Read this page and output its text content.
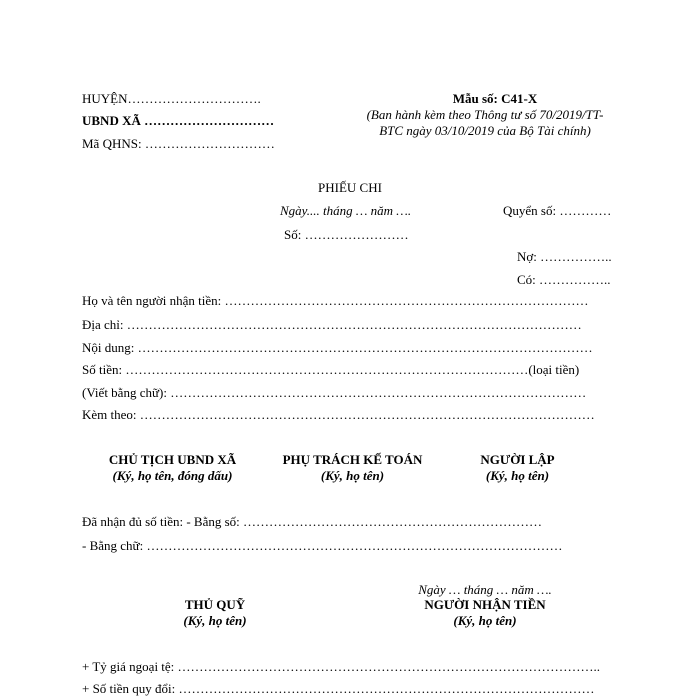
HUYỆN………………………….
UBND XÃ …………………………
Mã QHNS: …………………………
Mẫu số: C41-X
(Ban hành kèm theo Thông tư số 70/2019/TT-
BTC ngày 03/10/2019 của Bộ Tài chính)
PHIẾU CHI
Ngày.... tháng … năm ….	Quyển số: …………
Số: ……………………
Nợ: ……………..
Có: ……………..
Họ và tên người nhận tiền: …………………………………………………………………………
Địa chỉ: ……………………………………………………………………………………………
Nội dung: ……………………………………………………………………………………………
Số tiền: …………………………………………………………………………………(loại tiền)
(Viết bằng chữ): ……………………………………………………………………………………
Kèm theo: ……………………………………………………………………………………………
CHỦ TỊCH UBND XÃ
(Ký, họ tên, đóng dấu)
PHỤ TRÁCH KẾ TOÁN
(Ký, họ tên)
NGƯỜI LẬP
(Ký, họ tên)
Đã nhận đủ số tiền: - Bằng số: ……………………………………………………………
- Bằng chữ: ……………………………………………………………………………………
Ngày … tháng … năm ….
THỦ QUỸ
(Ký, họ tên)
NGƯỜI NHẬN TIỀN
(Ký, họ tên)
+ Tỷ giá ngoại tệ: ……………………………………………………………………………………..
+ Số tiền quy đổi: ……………………………………………………………………………………
